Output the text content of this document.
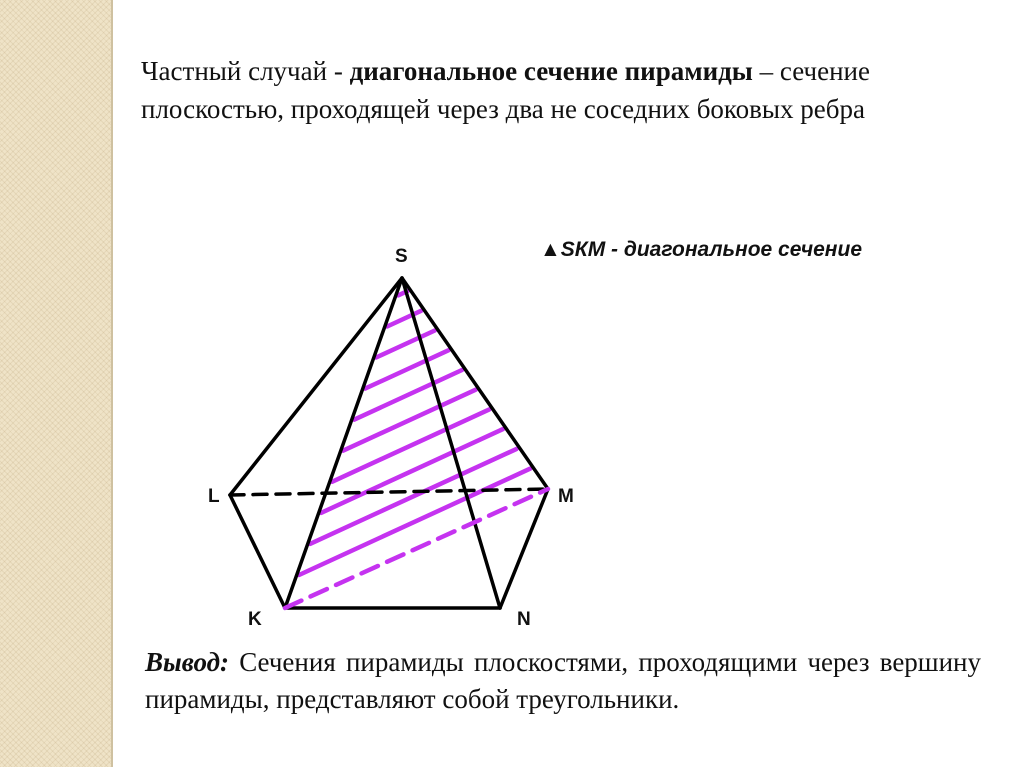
Частный случай - диагональное сечение пирамиды – сечение плоскостью, проходящей через два не соседних боковых ребра

▲SКМ - диагональное сечение
S
L	M
K	N

Вывод: Сечения пирамиды плоскостями, проходящими через вершину пирамиды, представляют собой треугольники.
